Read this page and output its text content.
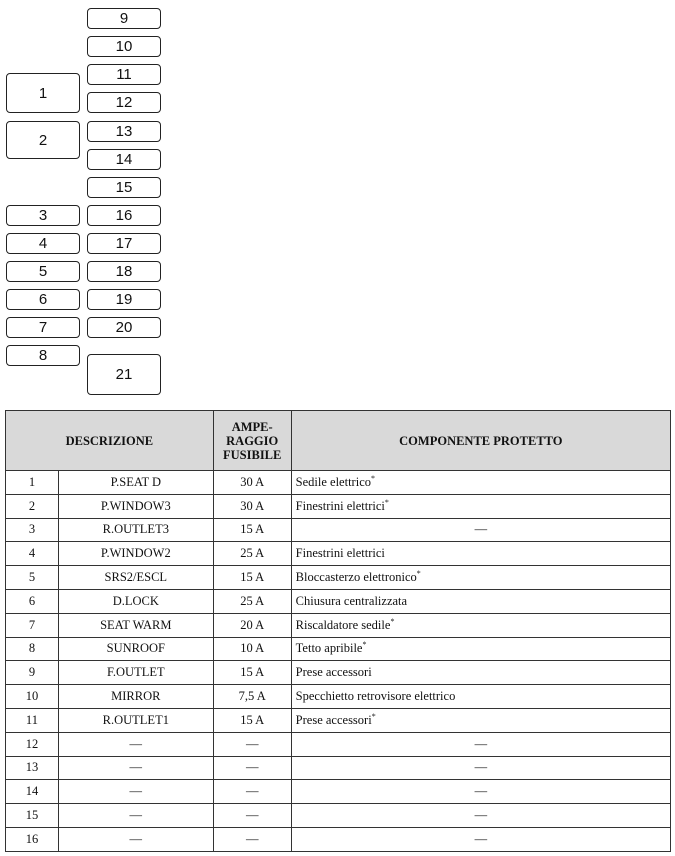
1
2
3
4
5
6
7
8
9
10
11
12
13
14
15
16
17
18
19
20
21
DESCRIZIONE		AMPE-
RAGGIO
FUSIBILE	COMPONENTE PROTETTO
1	P.SEAT D	30 A	Sedile elettrico*
2	P.WINDOW3	30 A	Finestrini elettrici*
3	R.OUTLET3	15 A	—
4	P.WINDOW2	25 A	Finestrini elettrici
5	SRS2/ESCL	15 A	Bloccasterzo elettronico*
6	D.LOCK	25 A	Chiusura centralizzata
7	SEAT WARM	20 A	Riscaldatore sedile*
8	SUNROOF	10 A	Tetto apribile*
9	F.OUTLET	15 A	Prese accessori
10	MIRROR	7,5 A	Specchietto retrovisore elettrico
11	R.OUTLET1	15 A	Prese accessori*
12	—	—	—
13	—	—	—
14	—	—	—
15	—	—	—
16	—	—	—
